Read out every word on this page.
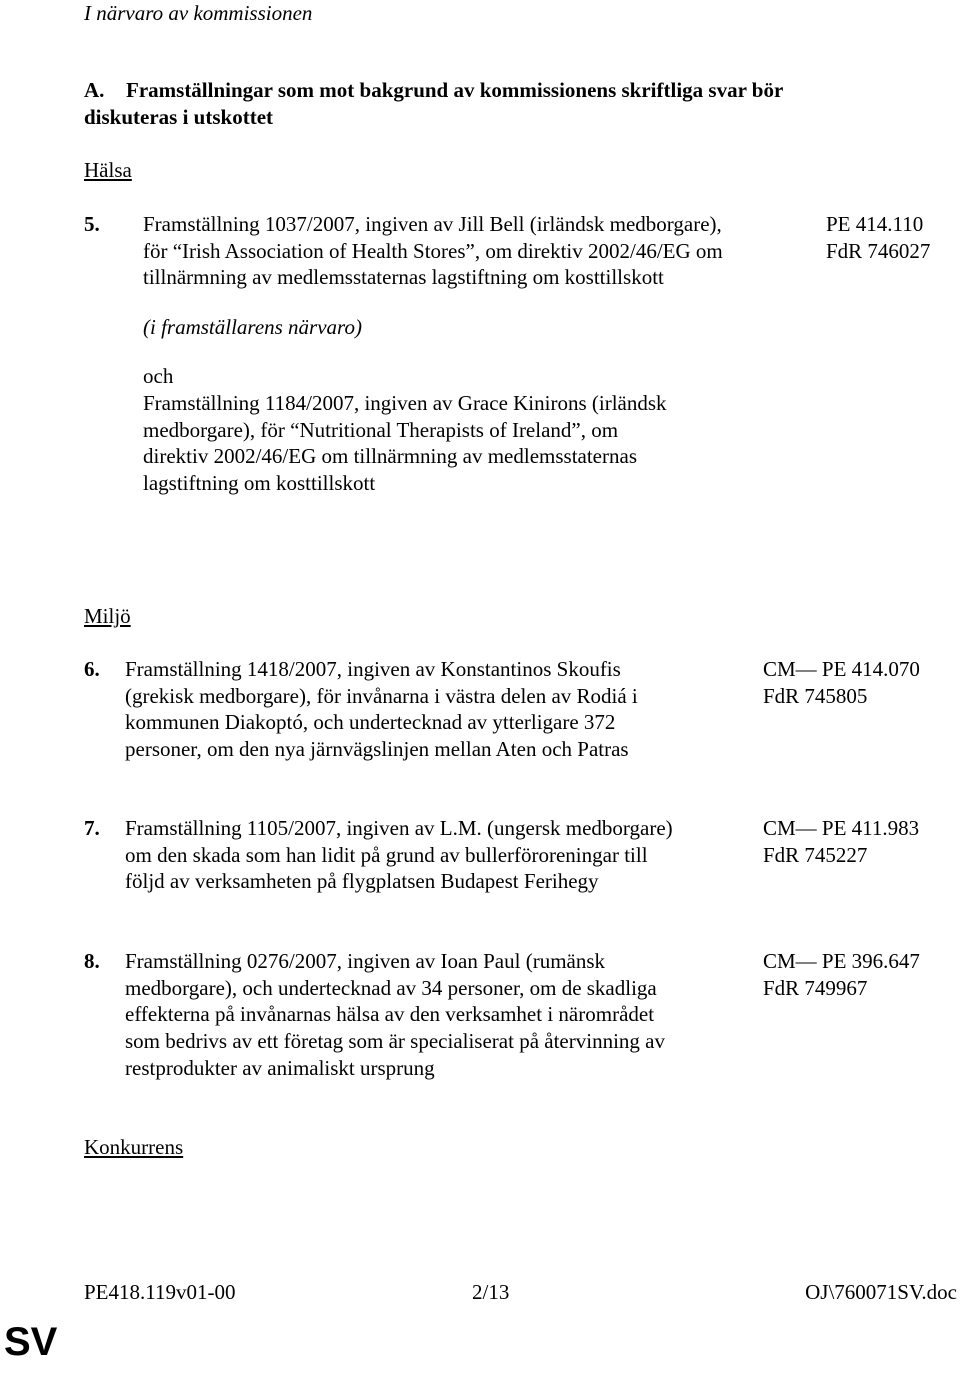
I närvaro av kommissionen
A. Framställningar som mot bakgrund av kommissionens skriftliga svar bör
diskuteras i utskottet
Hälsa
5. Framställning 1037/2007, ingiven av Jill Bell (irländsk medborgare),
för “Irish Association of Health Stores”, om direktiv 2002/46/EG om
tillnärmning av medlemsstaternas lagstiftning om kosttillskott
PE 414.110
FdR 746027
(i framställarens närvaro)
och
Framställning 1184/2007, ingiven av Grace Kinirons (irländsk
medborgare), för “Nutritional Therapists of Ireland”, om
direktiv 2002/46/EG om tillnärmning av medlemsstaternas
lagstiftning om kosttillskott
Miljö
6. Framställning 1418/2007, ingiven av Konstantinos Skoufis
(grekisk medborgare), för invånarna i västra delen av Rodiá i
kommunen Diakoptó, och undertecknad av ytterligare 372
personer, om den nya järnvägslinjen mellan Aten och Patras
CM— PE 414.070
FdR 745805
7. Framställning 1105/2007, ingiven av L.M. (ungersk medborgare)
om den skada som han lidit på grund av bullerföroreningar till
följd av verksamheten på flygplatsen Budapest Ferihegy
CM— PE 411.983
FdR 745227
8. Framställning 0276/2007, ingiven av Ioan Paul (rumänsk
medborgare), och undertecknad av 34 personer, om de skadliga
effekterna på invånarnas hälsa av den verksamhet i närområdet
som bedrivs av ett företag som är specialiserat på återvinning av
restprodukter av animaliskt ursprung
CM— PE 396.647
FdR 749967
Konkurrens
PE418.119v01-00	2/13	OJ\760071SV.doc
SV
